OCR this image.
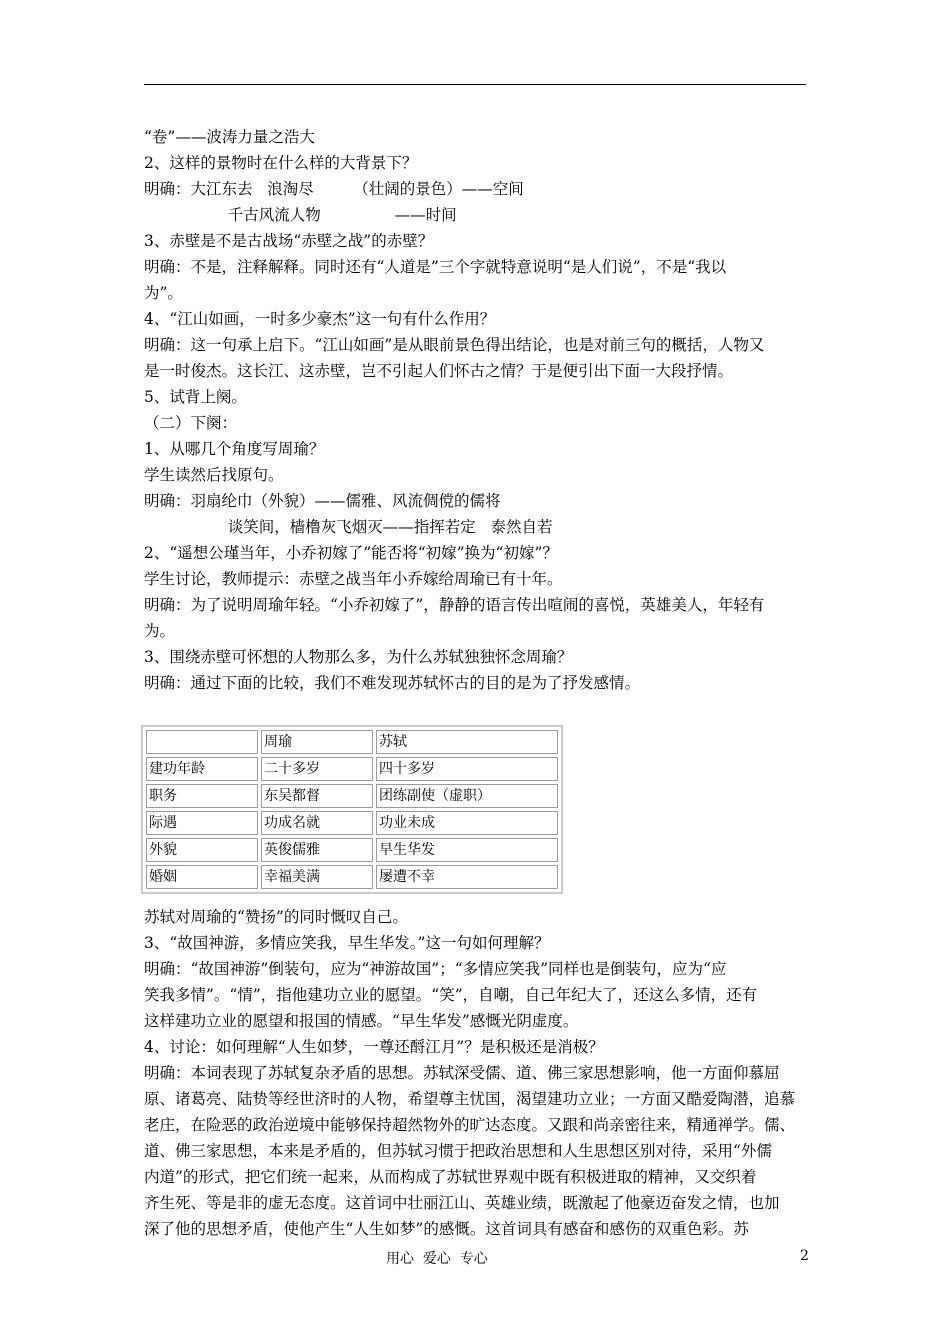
“卷”——波涛力量之浩大
2、这样的景物时在什么样的大背景下？
明确：大江东去   浪淘尽        （壮阔的景色）——空间
千古风流人物               ——时间
3、赤壁是不是古战场“赤壁之战”的赤壁？
明确：不是，注释解释。同时还有“人道是”三个字就特意说明“是人们说”，不是“我以
为”。
4、“江山如画，一时多少豪杰”这一句有什么作用？
明确：这一句承上启下。“江山如画”是从眼前景色得出结论，也是对前三句的概括，人物又
是一时俊杰。这长江、这赤壁，岂不引起人们怀古之情？于是便引出下面一大段抒情。
5、试背上阕。
（二）下阕：
1、从哪几个角度写周瑜？
学生读然后找原句。
明确：羽扇纶巾（外貌）——儒雅、风流倜傥的儒将
谈笑间，樯橹灰飞烟灭——指挥若定   泰然自若
2、“遥想公瑾当年，小乔初嫁了”能否将“初嫁”换为“初嫁”？
学生讨论，教师提示：赤壁之战当年小乔嫁给周瑜已有十年。
明确：为了说明周瑜年轻。“小乔初嫁了”，静静的语言传出喧闹的喜悦，英雄美人，年轻有
为。
3、围绕赤壁可怀想的人物那么多，为什么苏轼独独怀念周瑜？
明确：通过下面的比较，我们不难发现苏轼怀古的目的是为了抒发感情。
	周瑜	苏轼
建功年龄	二十多岁	四十多岁
职务	东吴都督	团练副使（虚职）
际遇	功成名就	功业未成
外貌	英俊儒雅	早生华发
婚姻	幸福美满	屡遭不幸
苏轼对周瑜的“赞扬”的同时慨叹自己。
3、“故国神游，多情应笑我，早生华发。”这一句如何理解？
明确：“故国神游”倒装句，应为“神游故国”；“多情应笑我”同样也是倒装句，应为“应
笑我多情”。“情”，指他建功立业的愿望。“笑”，自嘲，自己年纪大了，还这么多情，还有
这样建功立业的愿望和报国的情感。“早生华发”感慨光阴虚度。
4、讨论：如何理解“人生如梦，一尊还酹江月”？是积极还是消极？
明确：本词表现了苏轼复杂矛盾的思想。苏轼深受儒、道、佛三家思想影响，他一方面仰慕屈
原、诸葛亮、陆贽等经世济时的人物，希望尊主忧国，渴望建功立业；一方面又酷爱陶潜，追慕
老庄，在险恶的政治逆境中能够保持超然物外的旷达态度。又跟和尚亲密往来，精通禅学。儒、
道、佛三家思想，本来是矛盾的，但苏轼习惯于把政治思想和人生思想区别对待，采用“外儒
内道”的形式，把它们统一起来，从而构成了苏轼世界观中既有积极进取的精神，又交织着
齐生死、等是非的虚无态度。这首词中壮丽江山、英雄业绩，既激起了他豪迈奋发之情，也加
深了他的思想矛盾，使他产生“人生如梦”的感慨。这首词具有感奋和感伤的双重色彩。苏
用心  爱心  专心	2
